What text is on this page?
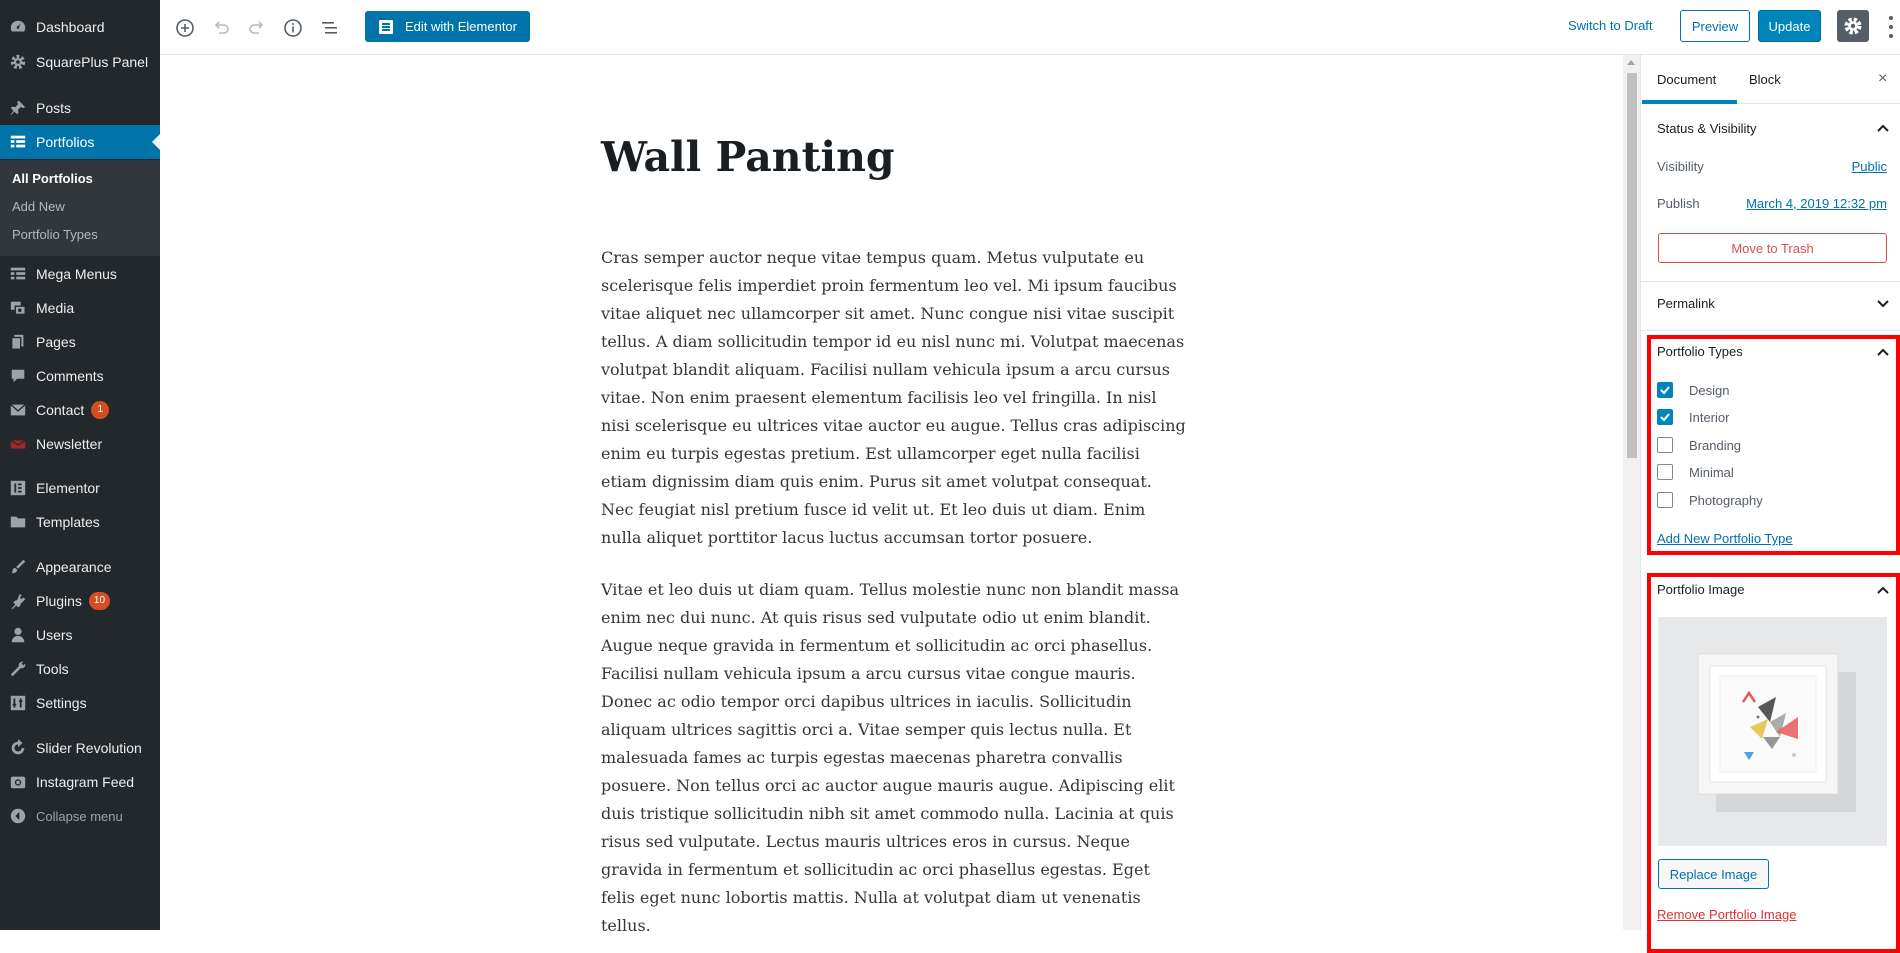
Dashboard
SquarePlus Panel
Posts
Portfolios
All Portfolios
Add New
Portfolio Types
Mega Menus
Media
Pages
Comments
Contact	1
Newsletter
Elementor
Templates
Appearance
Plugins	10
Users
Tools
Settings
Slider Revolution
Instagram Feed
Collapse menu
Edit with Elementor	Switch to Draft	Preview	Update
Wall Panting

Cras semper auctor neque vitae tempus quam. Metus vulputate eu scelerisque felis imperdiet proin fermentum leo vel. Mi ipsum faucibus vitae aliquet nec ullamcorper sit amet. Nunc congue nisi vitae suscipit tellus. A diam sollicitudin tempor id eu nisl nunc mi. Volutpat maecenas volutpat blandit aliquam. Facilisi nullam vehicula ipsum a arcu cursus vitae. Non enim praesent elementum facilisis leo vel fringilla. In nisl nisi scelerisque eu ultrices vitae auctor eu augue. Tellus cras adipiscing enim eu turpis egestas pretium. Est ullamcorper eget nulla facilisi etiam dignissim diam quis enim. Purus sit amet volutpat consequat. Nec feugiat nisl pretium fusce id velit ut. Et leo duis ut diam. Enim nulla aliquet porttitor lacus luctus accumsan tortor posuere.

Vitae et leo duis ut diam quam. Tellus molestie nunc non blandit massa enim nec dui nunc. At quis risus sed vulputate odio ut enim blandit. Augue neque gravida in fermentum et sollicitudin ac orci phasellus. Facilisi nullam vehicula ipsum a arcu cursus vitae congue mauris. Donec ac odio tempor orci dapibus ultrices in iaculis. Sollicitudin aliquam ultrices sagittis orci a. Vitae semper quis lectus nulla. Et malesuada fames ac turpis egestas maecenas pharetra convallis posuere. Non tellus orci ac auctor augue mauris augue. Adipiscing elit duis tristique sollicitudin nibh sit amet commodo nulla. Lacinia at quis risus sed vulputate. Lectus mauris ultrices eros in cursus. Neque gravida in fermentum et sollicitudin ac orci phasellus egestas. Eget felis eget nunc lobortis mattis. Nulla at volutpat diam ut venenatis tellus.

Document	Block	×
Status & Visibility
Visibility	Public
Publish	March 4, 2019 12:32 pm
Move to Trash
Permalink
Portfolio Types
Design
Interior
Branding
Minimal
Photography
Add New Portfolio Type
Portfolio Image
Replace Image
Remove Portfolio Image
